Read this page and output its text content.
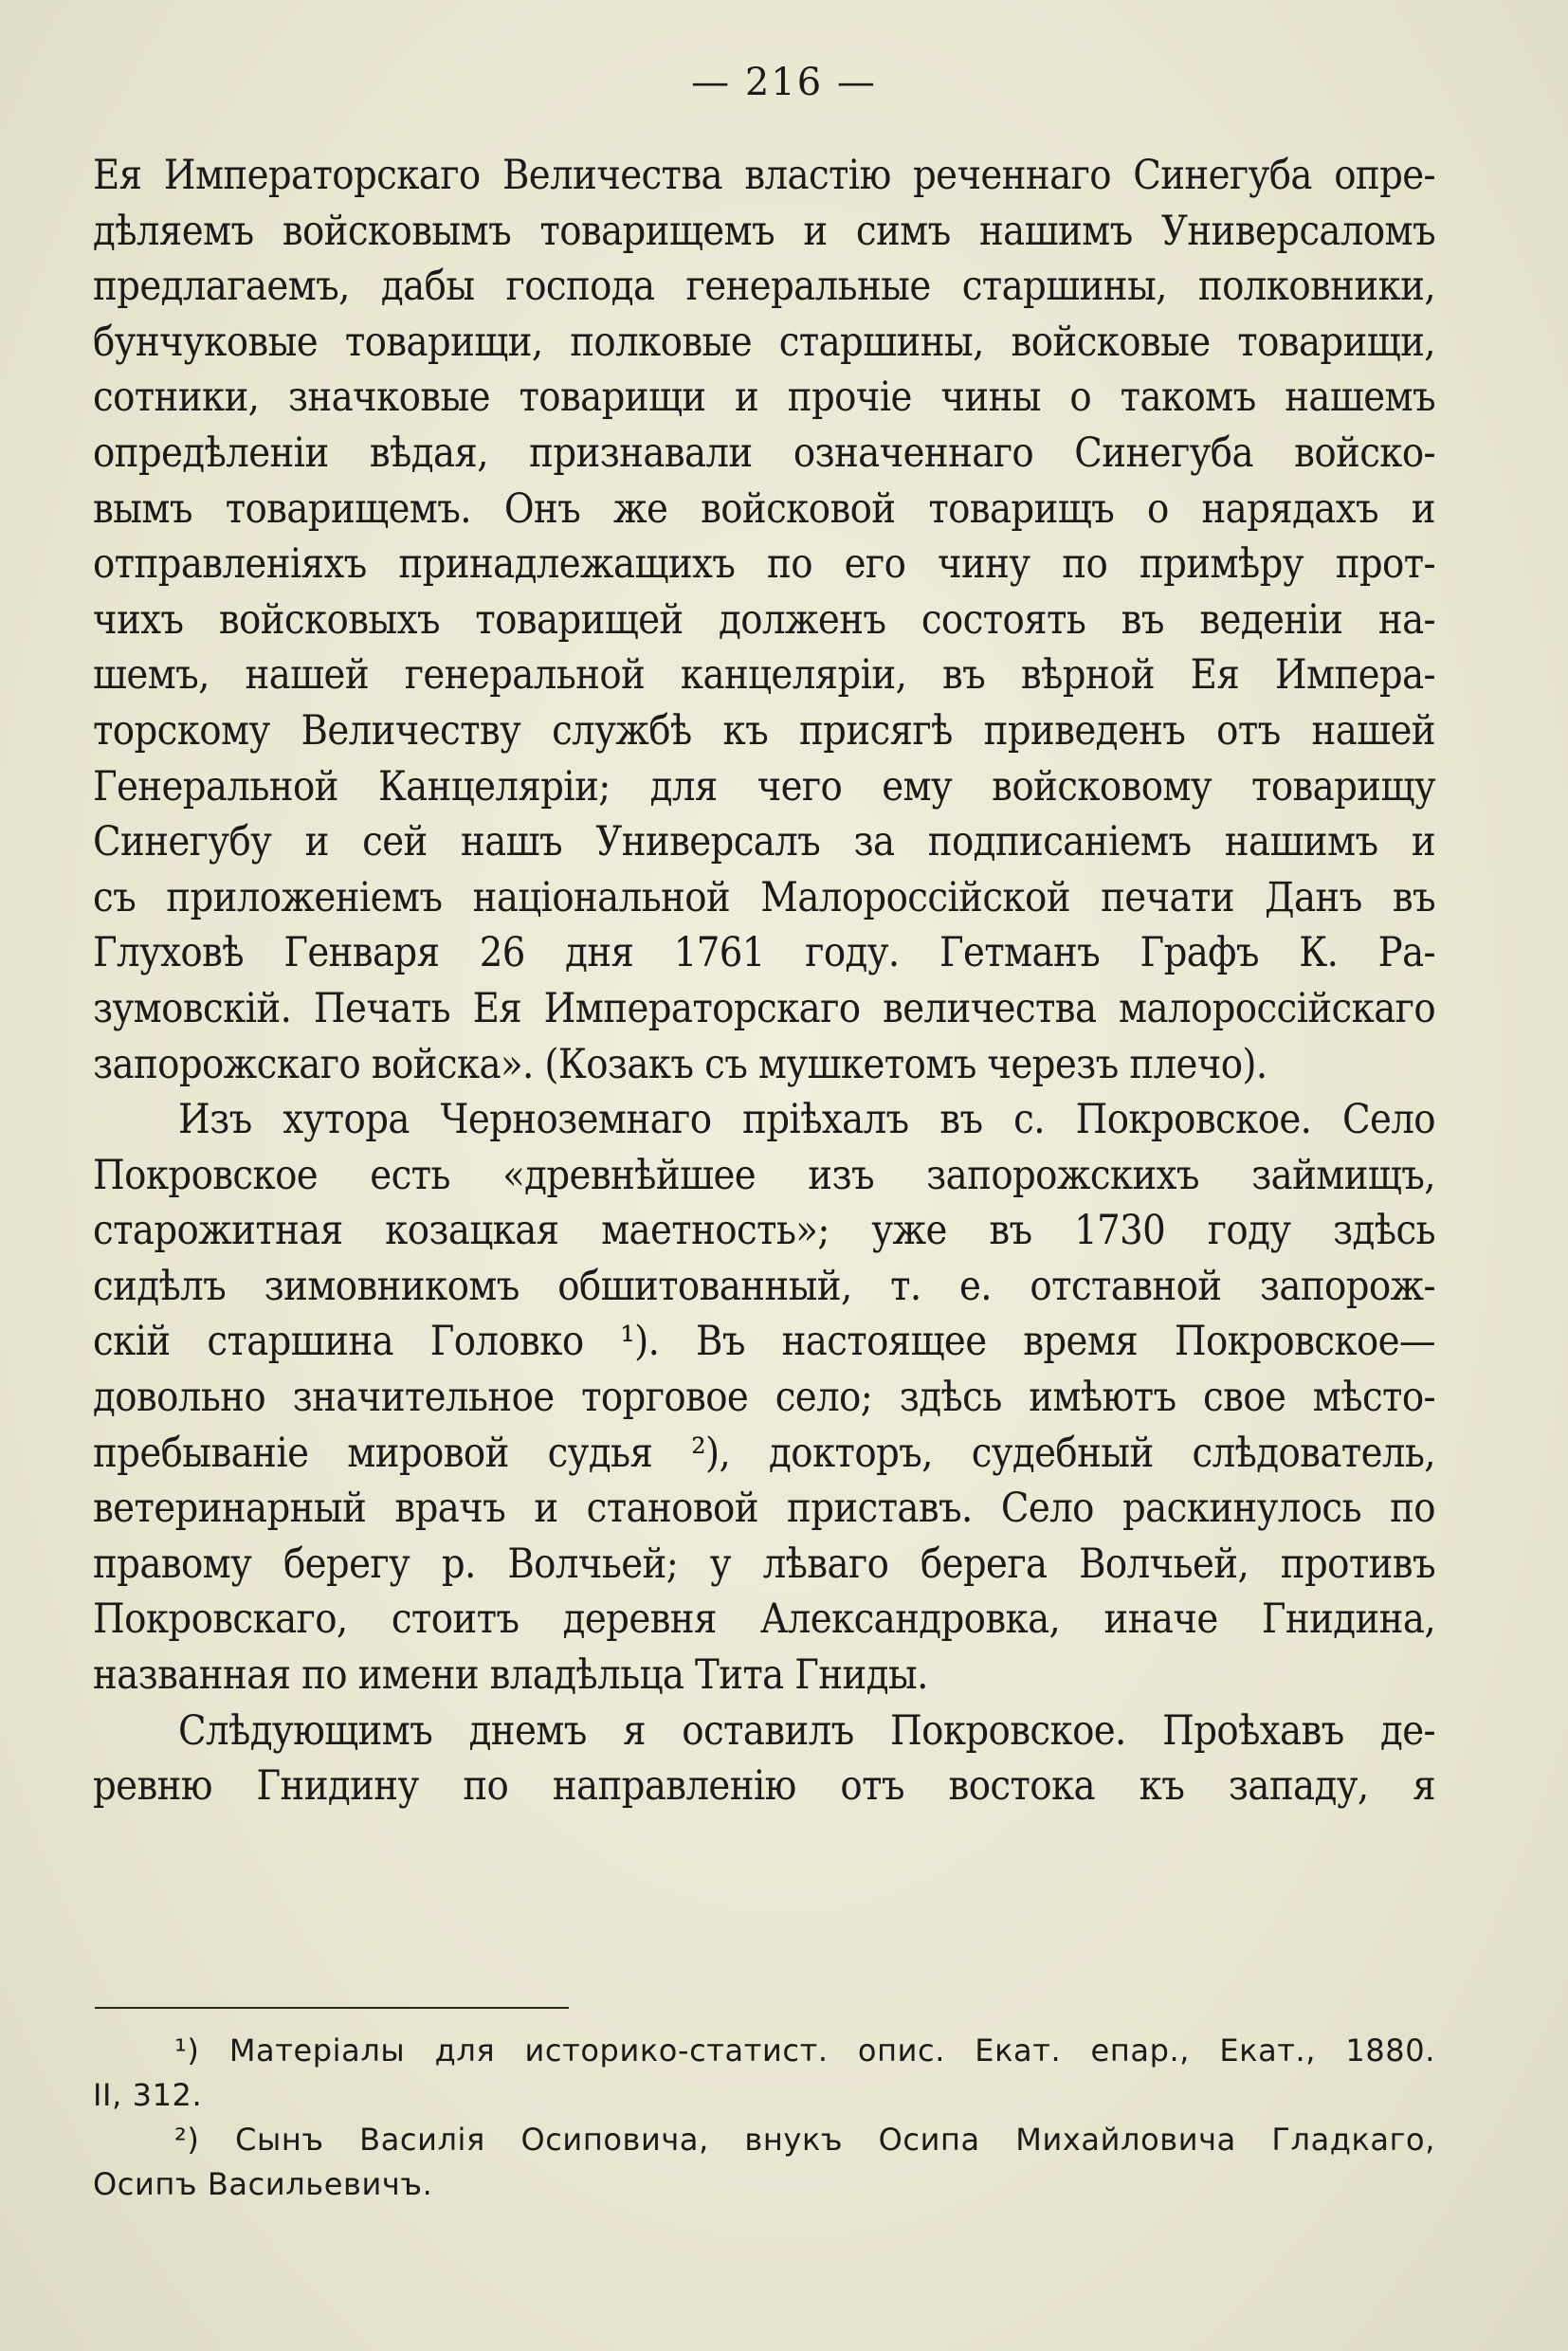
— 216 —
Ея Императорскаго Величества властію реченнаго Синегуба опре-
дѣляемъ войсковымъ товарищемъ и симъ нашимъ Универсаломъ
предлагаемъ, дабы господа генеральные старшины, полковники,
бунчуковые товарищи, полковые старшины, войсковые товарищи,
сотники, значковые товарищи и прочіе чины о такомъ нашемъ
опредѣленіи вѣдая, признавали означеннаго Синегуба войско-
вымъ товарищемъ. Онъ же войсковой товарищъ о нарядахъ и
отправленіяхъ принадлежащихъ по его чину по примѣру прот-
чихъ войсковыхъ товарищей долженъ состоять въ веденіи на-
шемъ, нашей генеральной канцеляріи, въ вѣрной Ея Импера-
торскому Величеству службѣ къ присягѣ приведенъ отъ нашей
Генеральной Канцеляріи; для чего ему войсковому товарищу
Синегубу и сей нашъ Универсалъ за подписаніемъ нашимъ и
съ приложеніемъ національной Малороссійской печати Данъ въ
Глуховѣ Генваря 26 дня 1761 году. Гетманъ Графъ К. Ра-
зумовскій. Печать Ея Императорскаго величества малороссійскаго
запорожскаго войска». (Козакъ съ мушкетомъ черезъ плечо).
Изъ хутора Черноземнаго пріѣхалъ въ с. Покровское. Село
Покровское есть «древнѣйшее изъ запорожскихъ займищъ,
старожитная козацкая маетность»; уже въ 1730 году здѣсь
сидѣлъ зимовникомъ обшитованный, т. е. отставной запорож-
скій старшина Головко ¹). Въ настоящее время Покровское—
довольно значительное торговое село; здѣсь имѣютъ свое мѣсто-
пребываніе мировой судья ²), докторъ, судебный слѣдователь,
ветеринарный врачъ и становой приставъ. Село раскинулось по
правому берегу р. Волчьей; у лѣваго берега Волчьей, противъ
Покровскаго, стоитъ деревня Александровка, иначе Гнидина,
названная по имени владѣльца Тита Гниды.
Слѣдующимъ днемъ я оставилъ Покровское. Проѣхавъ де-
ревню Гнидину по направленію отъ востока къ западу, я
¹) Матеріалы для историко-статист. опис. Екат. епар., Екат., 1880.
II, 312.
²) Сынъ Василія Осиповича, внукъ Осипа Михайловича Гладкаго,
Осипъ Васильевичъ.
